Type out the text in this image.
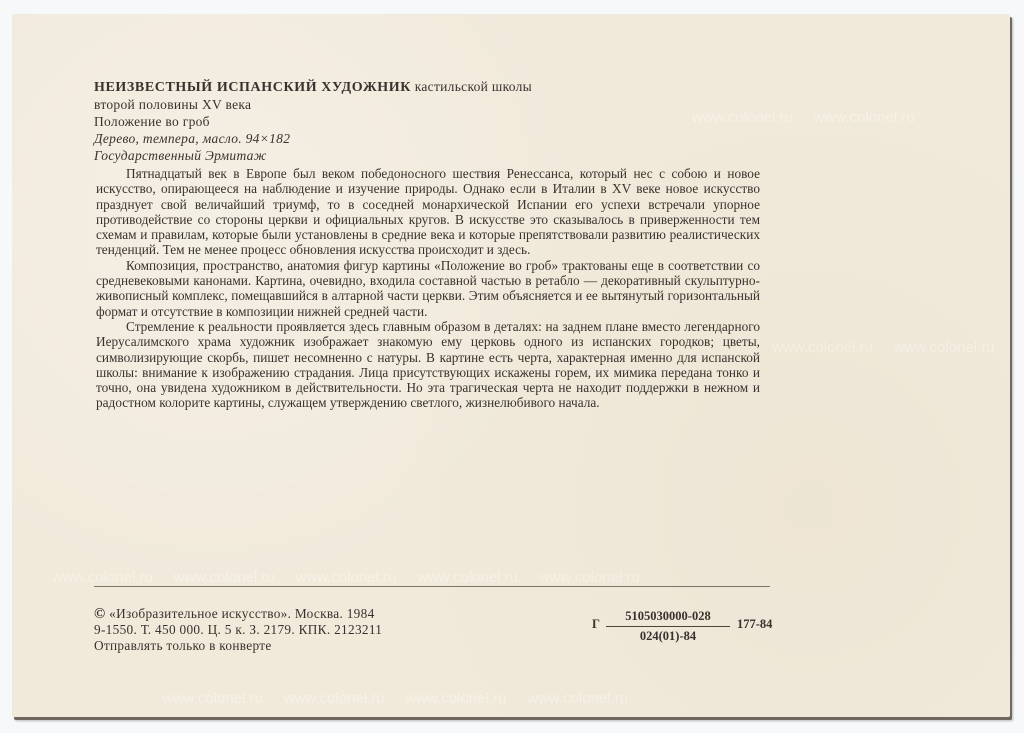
www.сolonel.ru     www.сolonel.ru
www.сolonel.ru     www.сolonel.ru
www.сolonel.ru     www.сolonel.ru     www.сolonel.ru     www.сolonel.ru     www.сolonel.ru
www.сolonel.ru     www.сolonel.ru     www.сolonel.ru     www.сolonel.ru
НЕИЗВЕСТНЫЙ ИСПАНСКИЙ ХУДОЖНИК кастильской школы
второй половины XV века
Положение во гроб
Дерево, темпера, масло. 94×182
Государственный Эрмитаж

Пятнадцатый век в Европе был веком победоносного шествия Ренессанса, который нес с собою и новое искусство, опирающееся на наблюдение и изучение природы. Однако если в Италии в XV веке новое искусство празднует свой величайший триумф, то в соседней монархической Испании его успехи встречали упорное противодействие со стороны церкви и официальных кругов. В искусстве это сказывалось в приверженности тем схемам и правилам, которые были установлены в средние века и которые препятствовали развитию реалистических тенденций. Тем не менее процесс обновления искусства происходит и здесь.

Композиция, пространство, анатомия фигур картины «Положение во гроб» трактованы еще в соответствии со средневековыми канонами. Картина, очевидно, входила составной частью в ретабло — декоративный скульптурно-живописный комплекс, помещавшийся в алтарной части церкви. Этим объясняется и ее вытянутый горизонтальный формат и отсутствие в композиции нижней средней части.

Стремление к реальности проявляется здесь главным образом в деталях: на заднем плане вместо легендарного Иерусалимского храма художник изображает знакомую ему церковь одного из испанских городков; цветы, символизирующие скорбь, пишет несомненно с натуры. В картине есть черта, характерная именно для испанской школы: внимание к изображению страдания. Лица присутствующих искажены горем, их мимика передана тонко и точно, она увидена художником в действительности. Но эта трагическая черта не находит поддержки в нежном и радостном колорите картины, служащем утверждению светлого, жизнелюбивого начала.

© «Изобразительное искусство». Москва. 1984
9-1550. Т. 450 000. Ц. 5 к. З. 2179. КПК. 2123211
Отправлять только в конверте
Г $\frac{5105030000-028}{024(01)-84} 177-84$
